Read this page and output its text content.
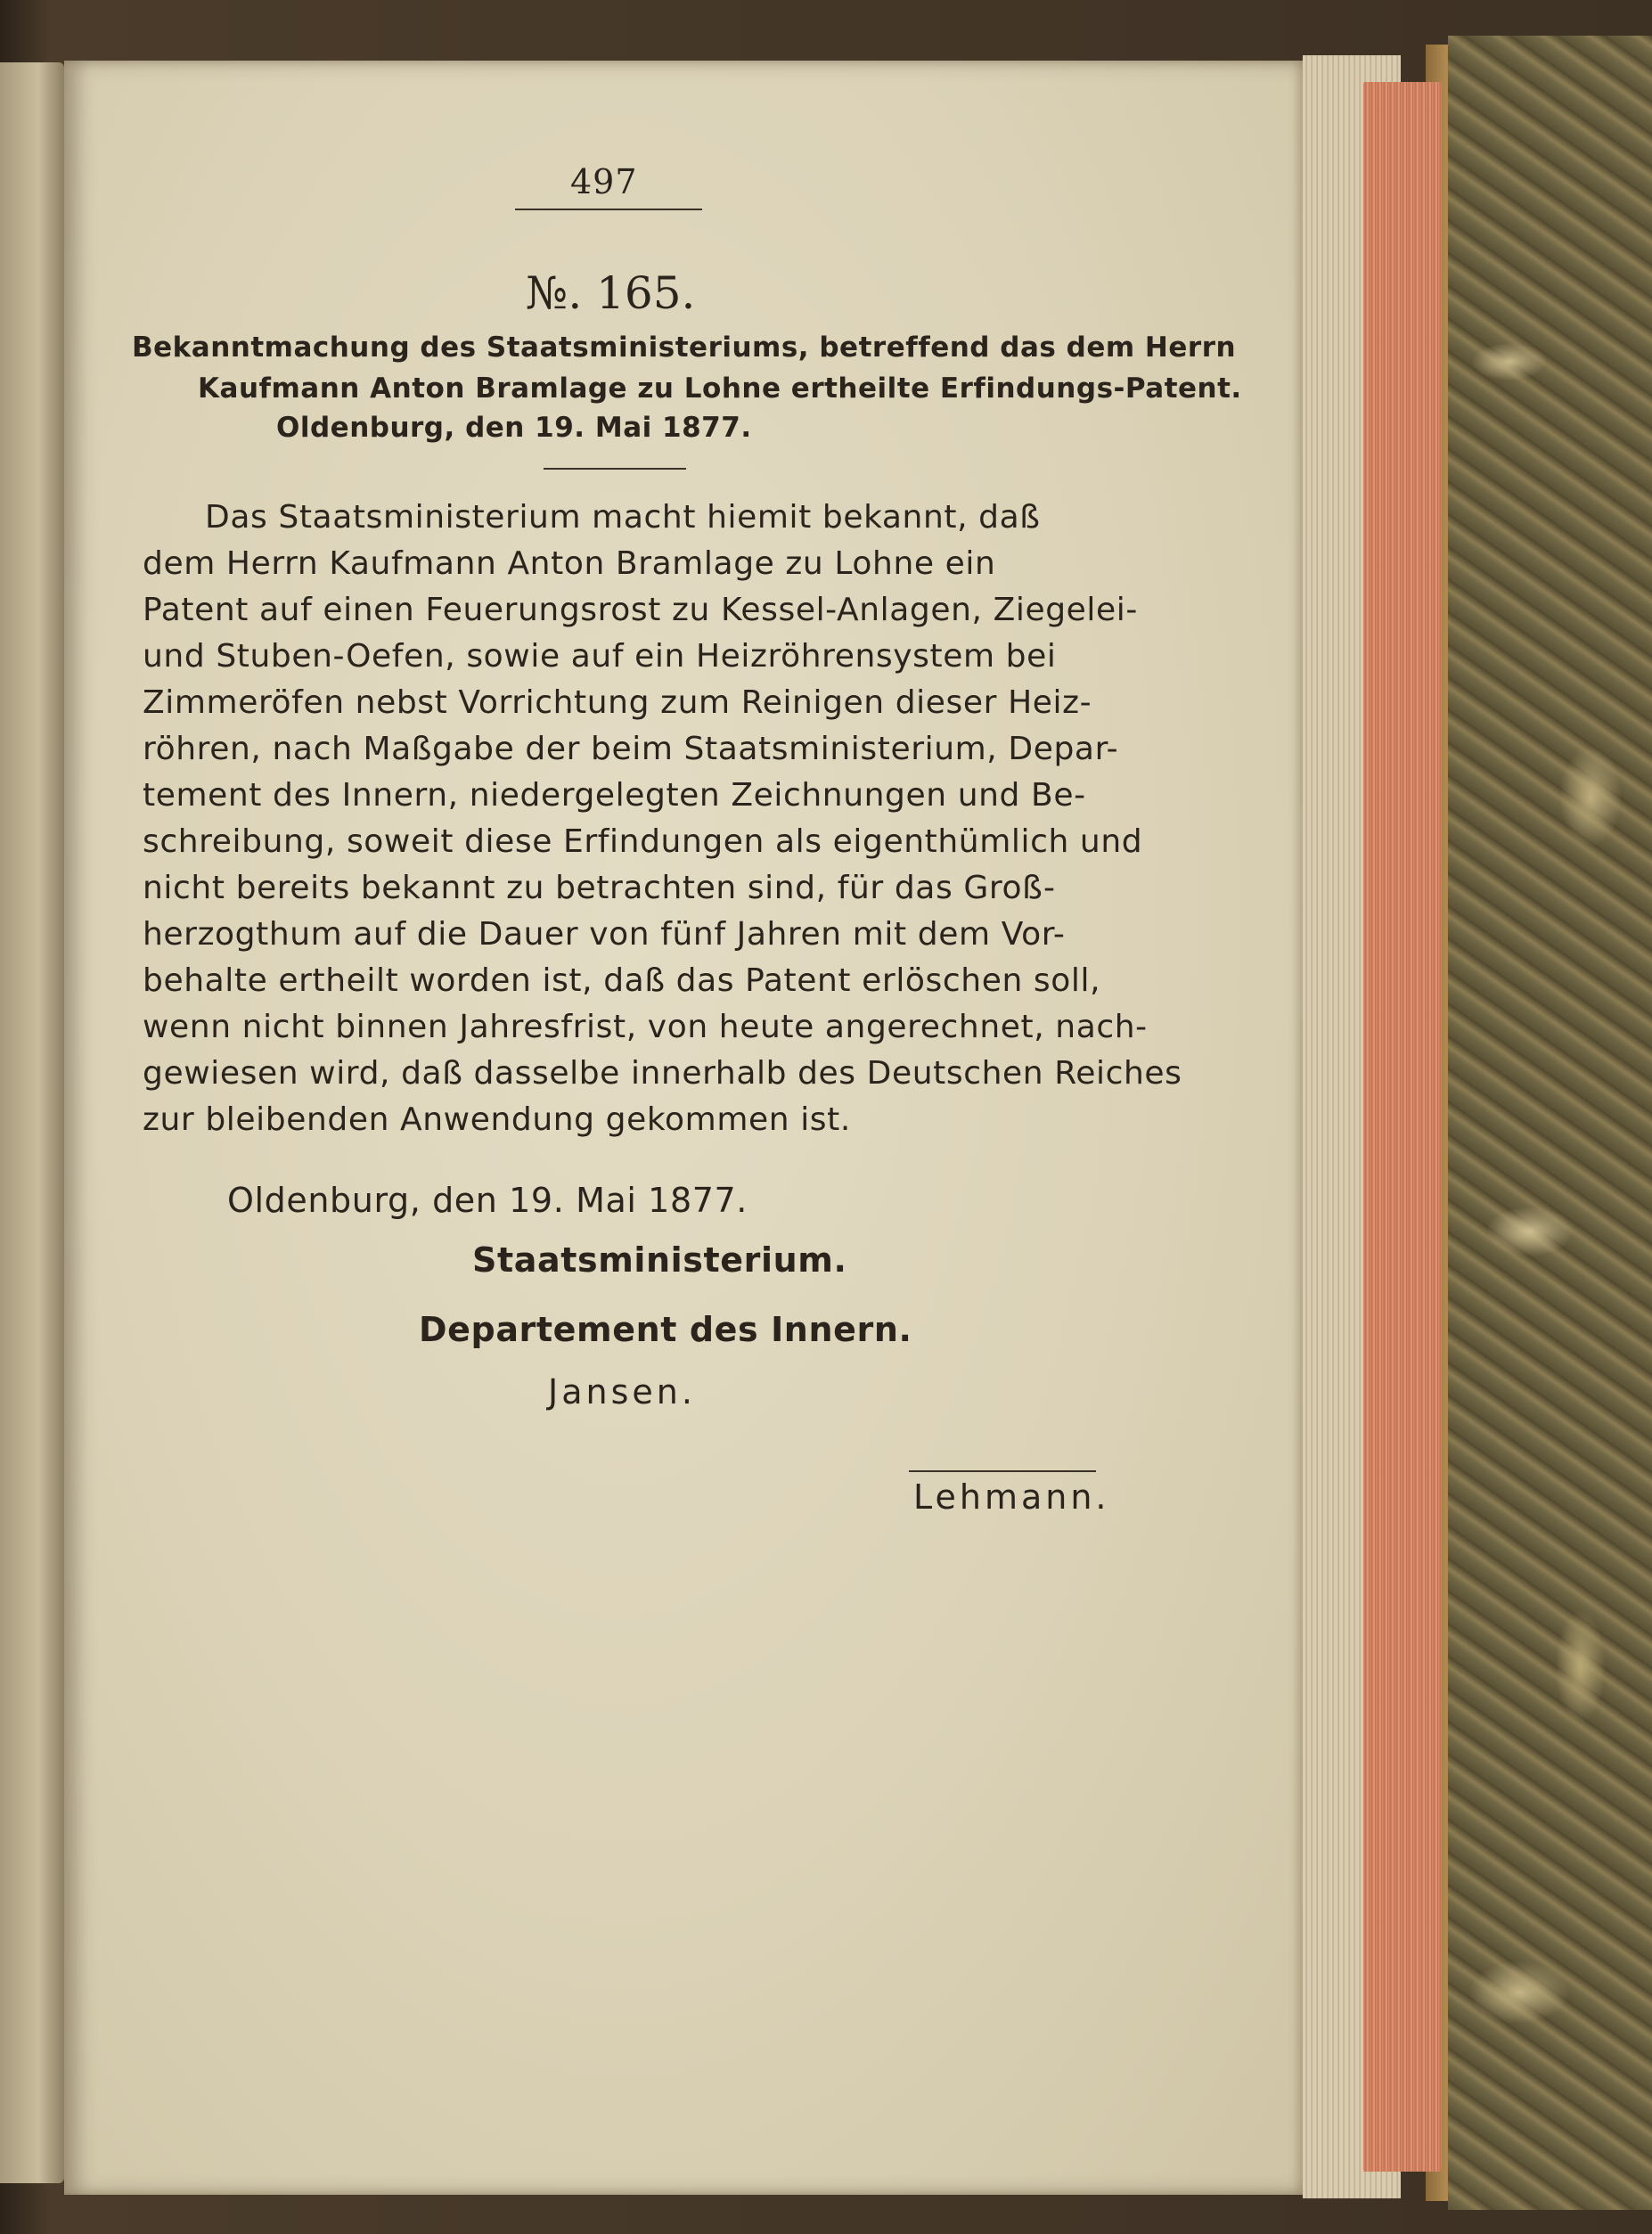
497
№. 165.
Bekanntmachung des Staatsministeriums, betreffend das dem Herrn
Kaufmann Anton Bramlage zu Lohne ertheilte Erfindungs-Patent.
Oldenburg, den 19. Mai 1877.
Das Staatsministerium macht hiemit bekannt, daß
dem Herrn Kaufmann Anton Bramlage zu Lohne ein
Patent auf einen Feuerungsrost zu Kessel-Anlagen, Ziegelei-
und Stuben-Oefen, sowie auf ein Heizröhrensystem bei
Zimmeröfen nebst Vorrichtung zum Reinigen dieser Heiz-
röhren, nach Maßgabe der beim Staatsministerium, Depar-
tement des Innern, niedergelegten Zeichnungen und Be-
schreibung, soweit diese Erfindungen als eigenthümlich und
nicht bereits bekannt zu betrachten sind, für das Groß-
herzogthum auf die Dauer von fünf Jahren mit dem Vor-
behalte ertheilt worden ist, daß das Patent erlöschen soll,
wenn nicht binnen Jahresfrist, von heute angerechnet, nach-
gewiesen wird, daß dasselbe innerhalb des Deutschen Reiches
zur bleibenden Anwendung gekommen ist.
Oldenburg, den 19. Mai 1877.
Staatsministerium.
Departement des Innern.
Jansen.
Lehmann.
